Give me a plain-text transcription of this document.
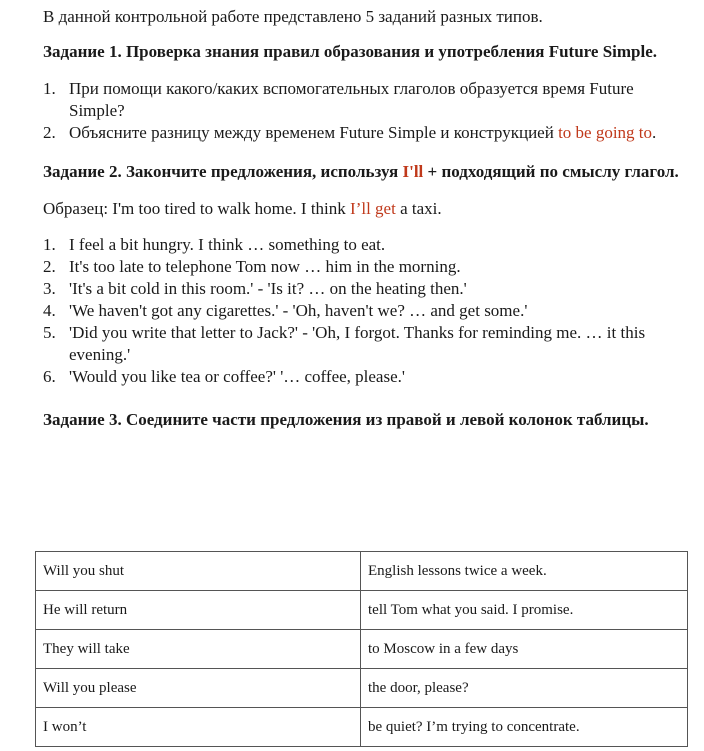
В данной контрольной работе представлено 5 заданий разных типов.

Задание 1. Проверка знания правил образования и употребления Future Simple.

1. При помощи какого/каких вспомогательных глаголов образуется время Future Simple?
2. Объясните разницу между временем Future Simple и конструкцией to be going to.

Задание 2. Закончите предложения, используя I'll + подходящий по смыслу глагол.

Образец: I'm too tired to walk home. I think I’ll get a taxi.

1. I feel a bit hungry. I think … something to eat.
2. It's too late to telephone Tom now … him in the morning.
3. 'It's a bit cold in this room.' - 'Is it? … on the heating then.'
4. 'We haven't got any cigarettes.' - 'Oh, haven't we? … and get some.'
5. 'Did you write that letter to Jack?' - 'Oh, I forgot. Thanks for reminding me. … it this evening.'
6. 'Would you like tea or coffee?' '… coffee, please.'

Задание 3. Соедините части предложения из правой и левой колонок таблицы.

Will you shut	English lessons twice a week.
He will return	tell Tom what you said. I promise.
They will take	to Moscow in a few days
Will you please	the door, please?
I won’t	be quiet? I’m trying to concentrate.
